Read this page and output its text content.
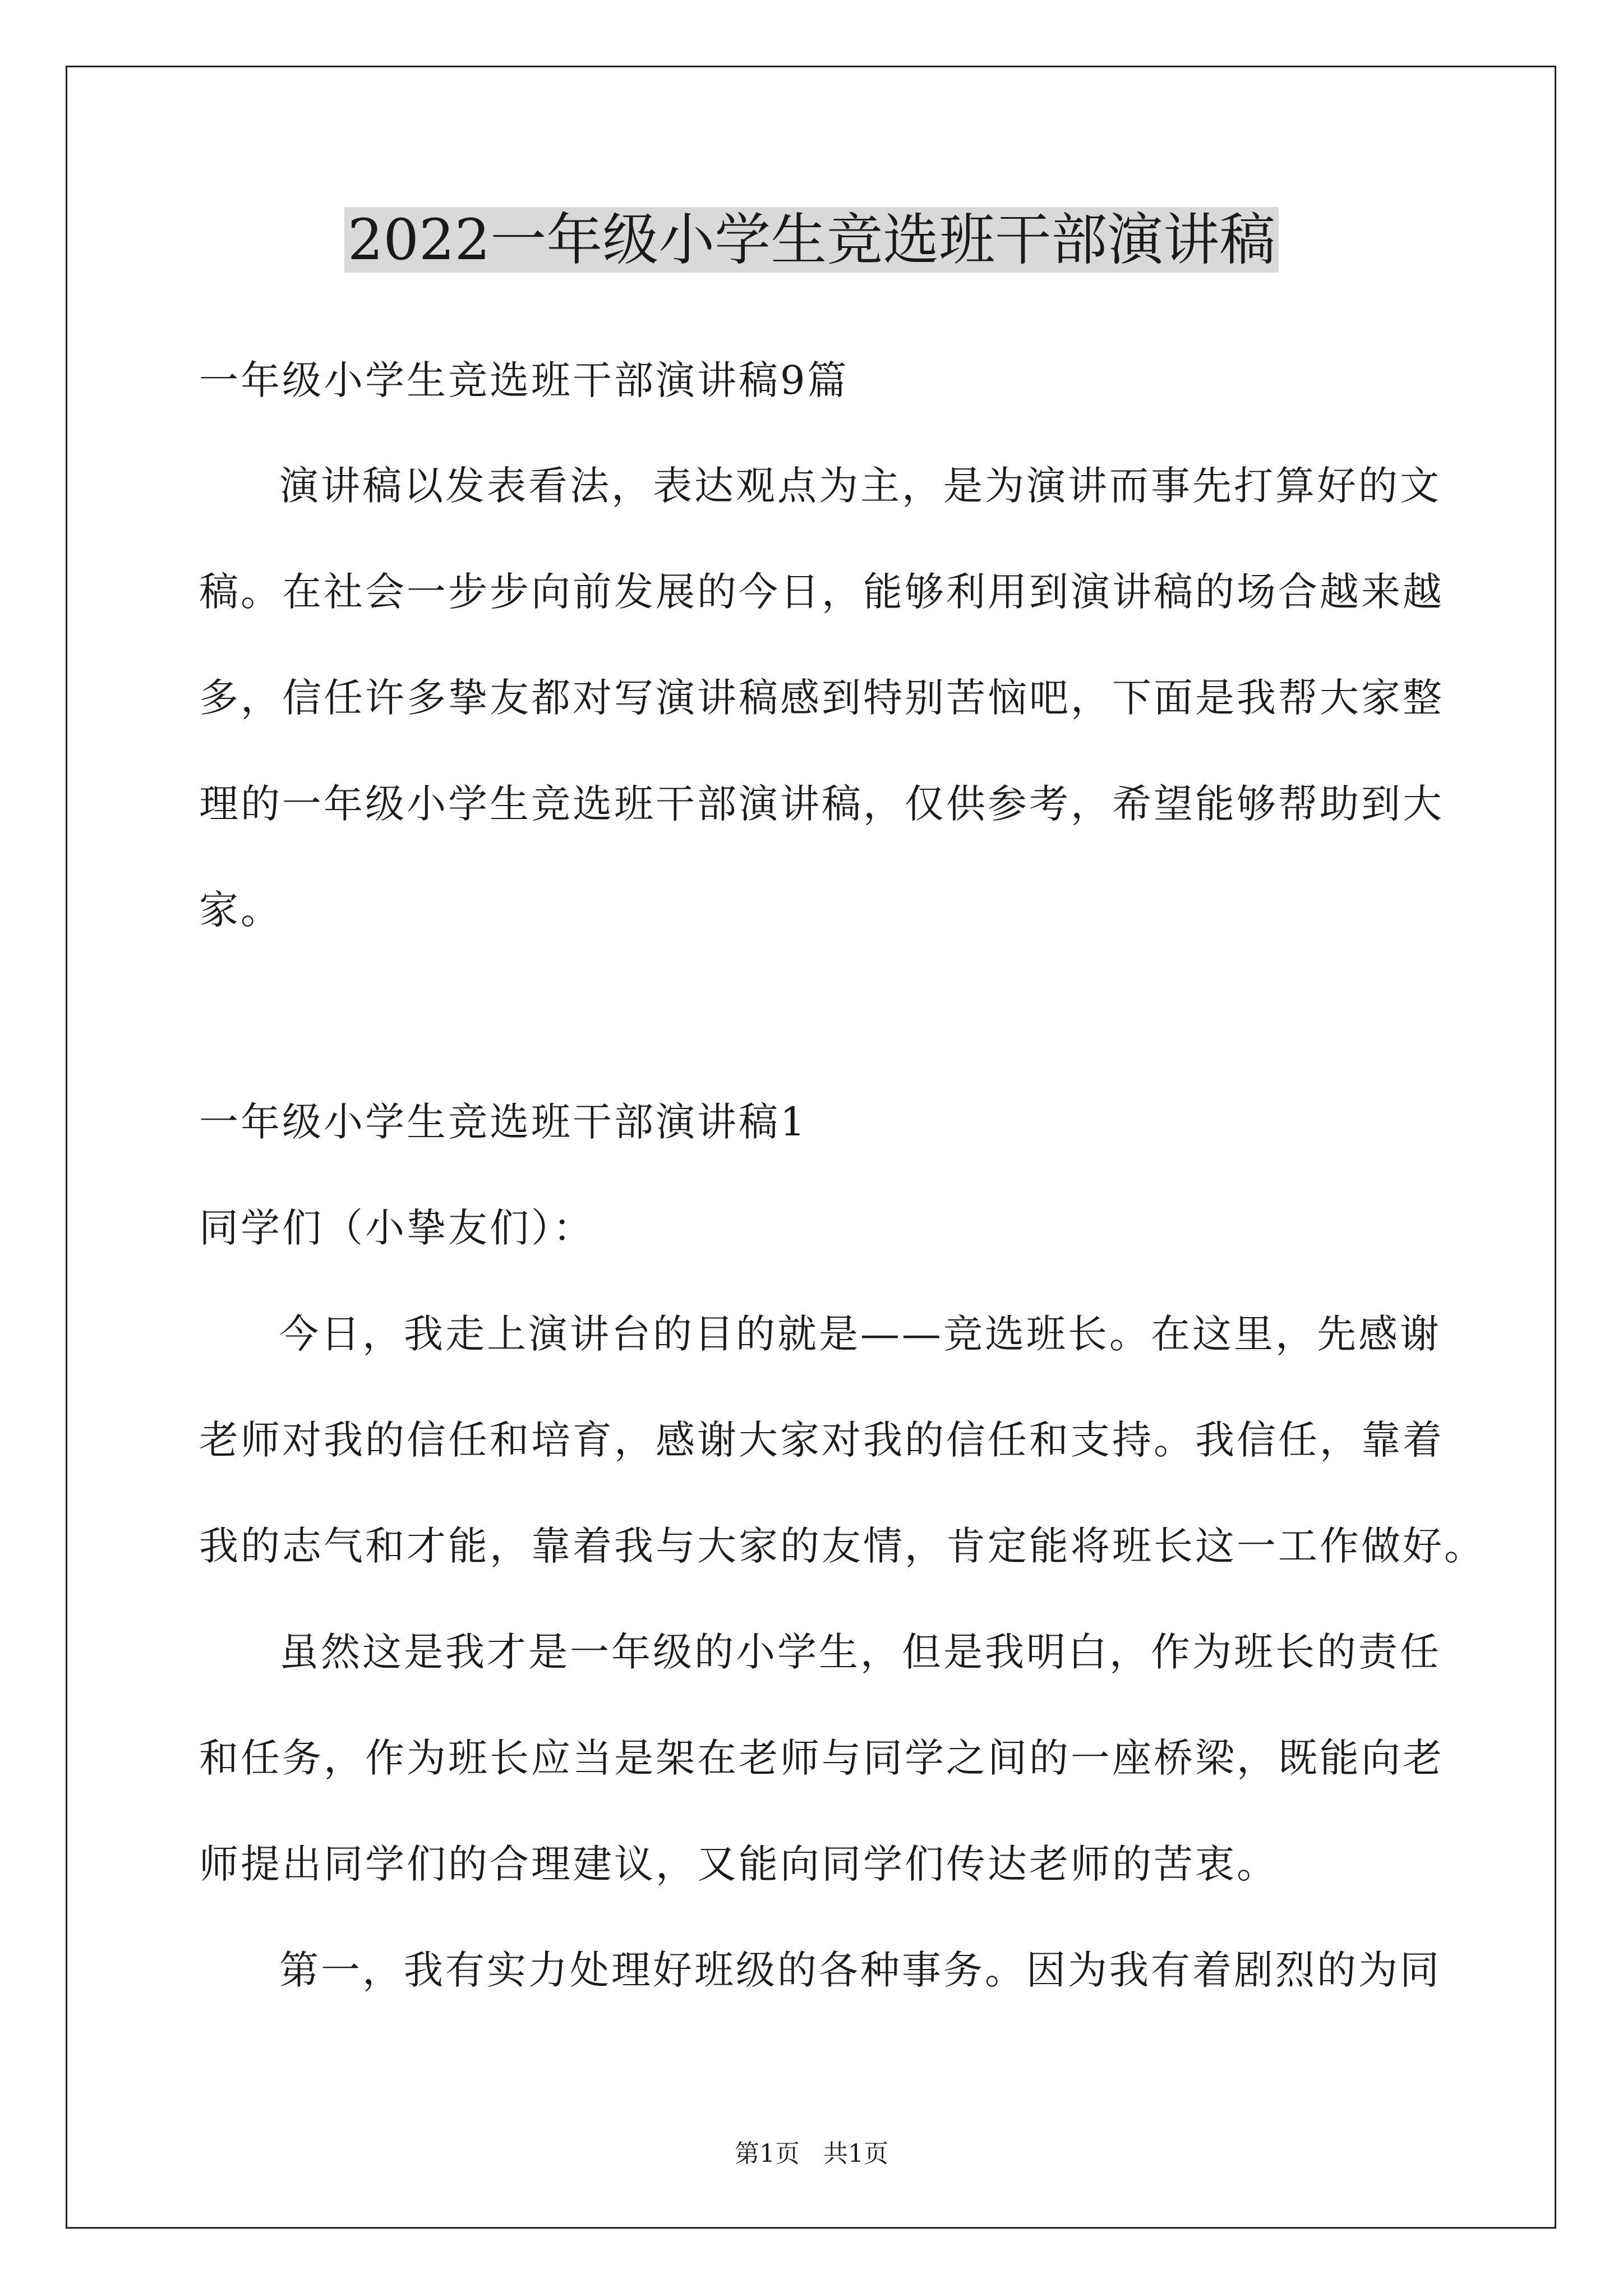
2022一年级小学生竞选班干部演讲稿
一年级小学生竞选班干部演讲稿9篇
演讲稿以发表看法，表达观点为主，是为演讲而事先打算好的文
稿。在社会一步步向前发展的今日，能够利用到演讲稿的场合越来越
多，信任许多挚友都对写演讲稿感到特别苦恼吧，下面是我帮大家整
理的一年级小学生竞选班干部演讲稿，仅供参考，希望能够帮助到大
家。
一年级小学生竞选班干部演讲稿1
同学们（小挚友们）：
今日，我走上演讲台的目的就是——竞选班长。在这里，先感谢
老师对我的信任和培育，感谢大家对我的信任和支持。我信任，靠着
我的志气和才能，靠着我与大家的友情，肯定能将班长这一工作做好。
虽然这是我才是一年级的小学生，但是我明白，作为班长的责任
和任务，作为班长应当是架在老师与同学之间的一座桥梁，既能向老
师提出同学们的合理建议，又能向同学们传达老师的苦衷。
第一，我有实力处理好班级的各种事务。因为我有着剧烈的为同
第1页   共1页
